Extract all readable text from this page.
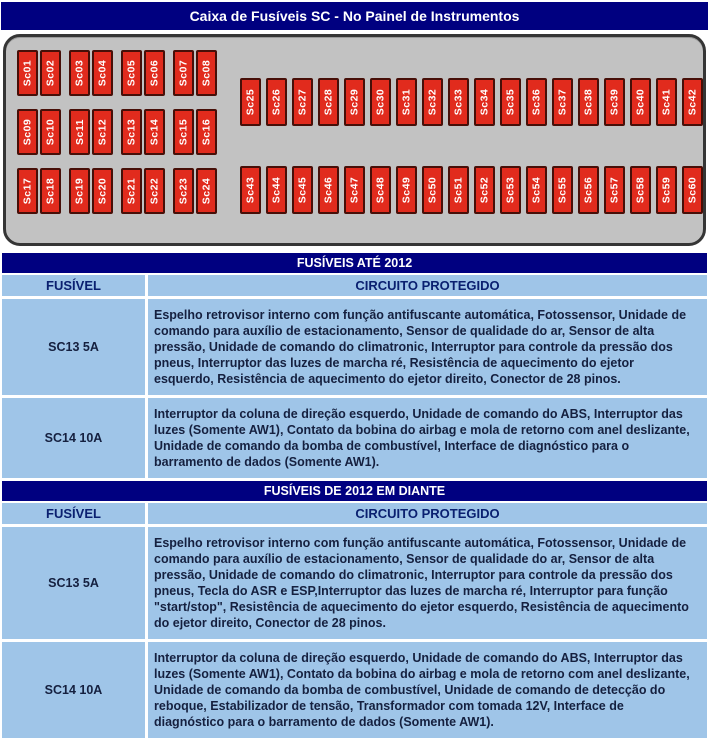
Caixa de Fusíveis SC - No Painel de Instrumentos
Sc01 Sc02 Sc03 Sc04 Sc05 Sc06 Sc07 Sc08
Sc09 Sc10 Sc11 Sc12 Sc13 Sc14 Sc15 Sc16
Sc17 Sc18 Sc19 Sc20 Sc21 Sc22 Sc23 Sc24
Sc25 Sc26 Sc27 Sc28 Sc29 Sc30 Sc31 Sc32 Sc33 Sc34 Sc35 Sc36 Sc37 Sc38 Sc39 Sc40 Sc41 Sc42
Sc43 Sc44 Sc45 Sc46 Sc47 Sc48 Sc49 Sc50 Sc51 Sc52 Sc53 Sc54 Sc55 Sc56 Sc57 Sc58 Sc59 Sc60
FUSÍVEIS ATÉ 2012
FUSÍVEL	CIRCUITO PROTEGIDO
SC13 5A
Espelho retrovisor interno com função antifuscante automática, Fotossensor, Unidade de comando para auxílio de estacionamento, Sensor de qualidade do ar, Sensor de alta pressão, Unidade de comando do climatronic, Interruptor para controle da pressão dos pneus, Interruptor das luzes de marcha ré, Resistência de aquecimento do ejetor esquerdo, Resistência de aquecimento do ejetor direito, Conector de 28 pinos.
SC14 10A
Interruptor da coluna de direção esquerdo, Unidade de comando do ABS, Interruptor das luzes (Somente AW1), Contato da bobina do airbag e mola de retorno com anel deslizante, Unidade de comando da bomba de combustível, Interface de diagnóstico para o barramento de dados (Somente AW1).
FUSÍVEIS DE 2012 EM DIANTE
FUSÍVEL	CIRCUITO PROTEGIDO
SC13 5A
Espelho retrovisor interno com função antifuscante automática, Fotossensor, Unidade de comando para auxílio de estacionamento, Sensor de qualidade do ar, Sensor de alta pressão, Unidade de comando do climatronic, Interruptor para controle da pressão dos pneus, Tecla do ASR e ESP,Interruptor das luzes de marcha ré, Interruptor para função "start/stop", Resistência de aquecimento do ejetor esquerdo, Resistência de aquecimento do ejetor direito, Conector de 28 pinos.
SC14 10A
Interruptor da coluna de direção esquerdo, Unidade de comando do ABS, Interruptor das luzes (Somente AW1), Contato da bobina do airbag e mola de retorno com anel deslizante, Unidade de comando da bomba de combustível, Unidade de comando de detecção do reboque, Estabilizador de tensão, Transformador com tomada 12V, Interface de diagnóstico para o barramento de dados (Somente AW1).
